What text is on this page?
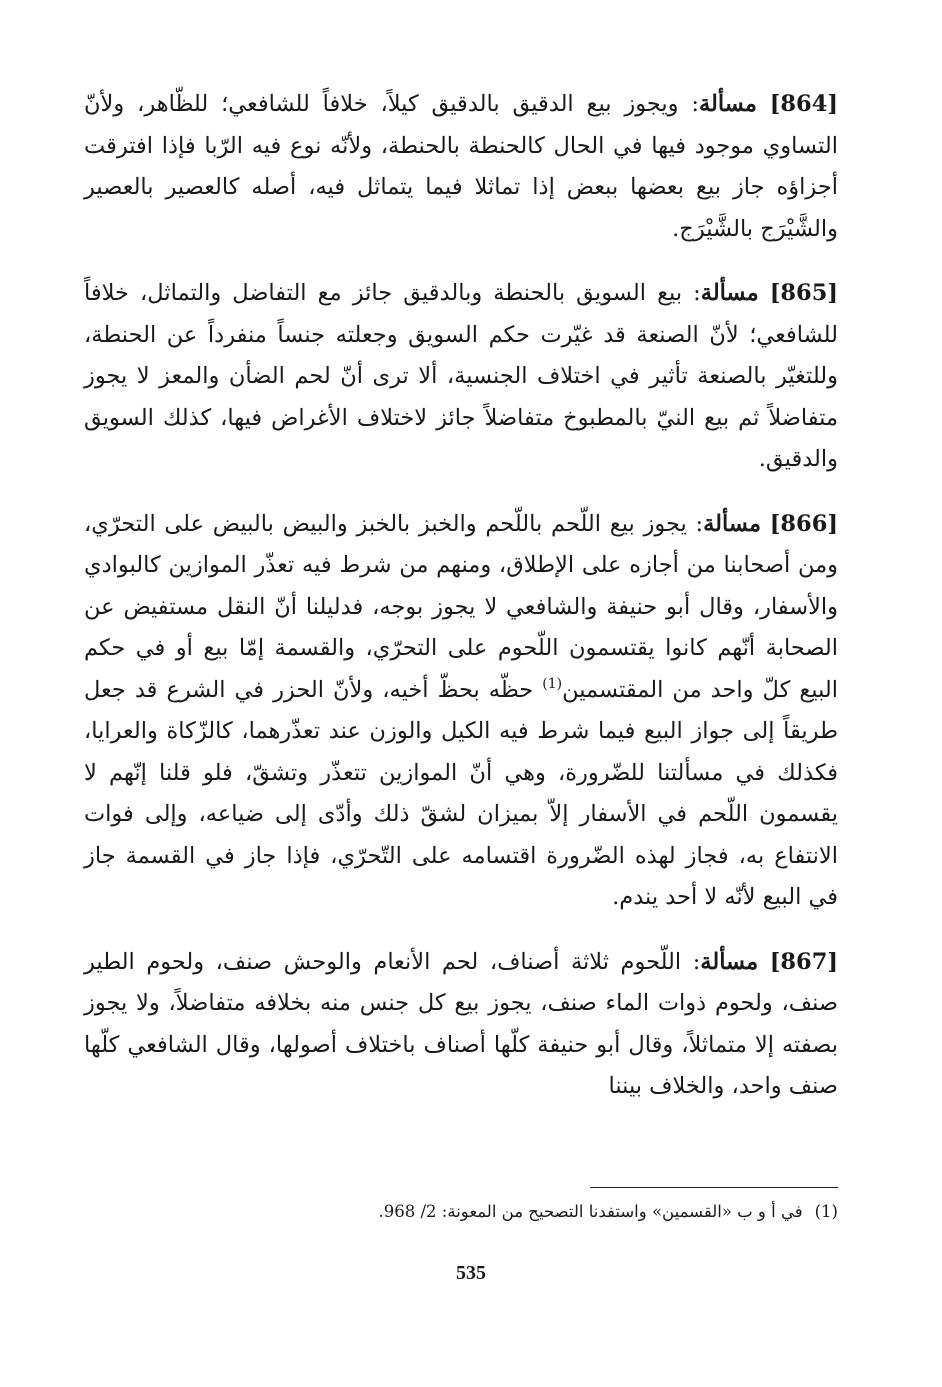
[864] مسألة: ويجوز بيع الدقيق بالدقيق كيلاً، خلافاً للشافعي؛ للظّاهر، ولأنّ التساوي موجود فيها في الحال كالحنطة بالحنطة، ولأنّه نوع فيه الرّبا فإذا افترقت أجزاؤه جاز بيع بعضها ببعض إذا تماثلا فيما يتماثل فيه، أصله كالعصير بالعصير والشَّيْرَج بالشَّيْرَج.

[865] مسألة: بيع السويق بالحنطة وبالدقيق جائز مع التفاضل والتماثل، خلافاً للشافعي؛ لأنّ الصنعة قد غيّرت حكم السويق وجعلته جنساً منفرداً عن الحنطة، وللتغيّر بالصنعة تأثير في اختلاف الجنسية، ألا ترى أنّ لحم الضأن والمعز لا يجوز متفاضلاً ثم بيع النيّ بالمطبوخ متفاضلاً جائز لاختلاف الأغراض فيها، كذلك السويق والدقيق.

[866] مسألة: يجوز بيع اللّحم باللّحم والخبز بالخبز والبيض بالبيض على التحرّي، ومن أصحابنا من أجازه على الإطلاق، ومنهم من شرط فيه تعذّر الموازين كالبوادي والأسفار، وقال أبو حنيفة والشافعي لا يجوز بوجه، فدليلنا أنّ النقل مستفيض عن الصحابة أنّهم كانوا يقتسمون اللّحوم على التحرّي، والقسمة إمّا بيع أو في حكم البيع كلّ واحد من المقتسمين$^{(1)}$ حظّه بحظّ أخيه، ولأنّ الحزر في الشرع قد جعل طريقاً إلى جواز البيع فيما شرط فيه الكيل والوزن عند تعذّرهما، كالزّكاة والعرايا، فكذلك في مسألتنا للضّرورة، وهي أنّ الموازين تتعذّر وتشقّ، فلو قلنا إنّهم لا يقسمون اللّحم في الأسفار إلاّ بميزان لشقّ ذلك وأدّى إلى ضياعه، وإلى فوات الانتفاع به، فجاز لهذه الضّرورة اقتسامه على التّحرّي، فإذا جاز في القسمة جاز في البيع لأنّه لا أحد يندم.

[867] مسألة: اللّحوم ثلاثة أصناف، لحم الأنعام والوحش صنف، ولحوم الطير صنف، ولحوم ذوات الماء صنف، يجوز بيع كل جنس منه بخلافه متفاضلاً، ولا يجوز بصفته إلا متماثلاً، وقال أبو حنيفة كلّها أصناف باختلاف أصولها، وقال الشافعي كلّها صنف واحد، والخلاف بيننا

(1)في أ و ب «القسمين» واستفدنا التصحيح من المعونة: 2/ 968.
535
